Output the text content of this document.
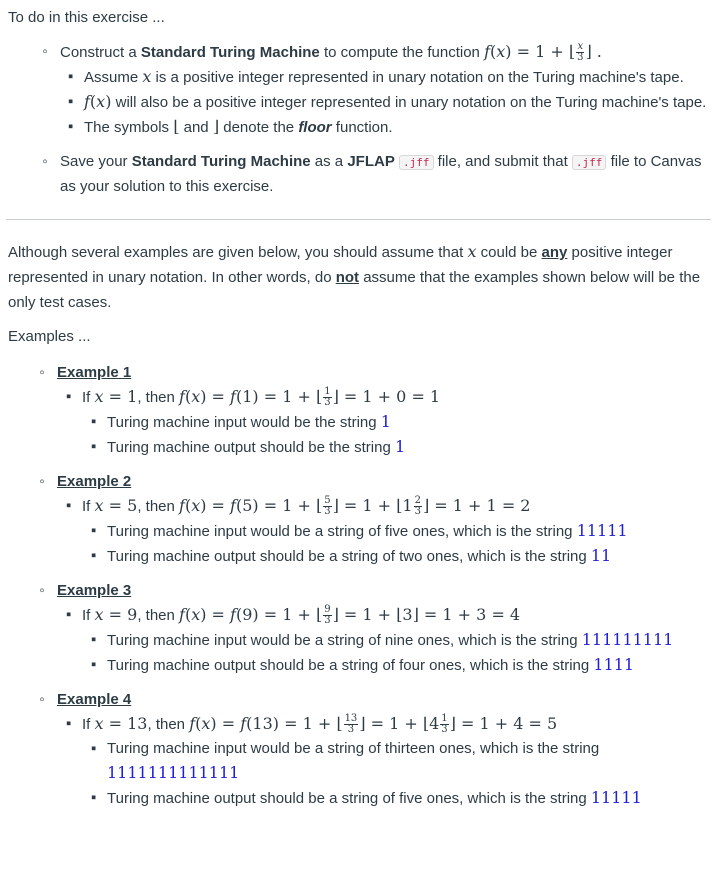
To do in this exercise ...

◦ Construct a Standard Turing Machine to compute the function f(x) = 1 + ⌊ $\frac{x}{3}$ ⌋ .
▪ Assume x is a positive integer represented in unary notation on the Turing machine's tape.
▪ f(x) will also be a positive integer represented in unary notation on the Turing machine's tape.
▪ The symbols ⌊ and ⌋ denote the floor function.
◦ Save your Standard Turing Machine as a JFLAP .jff file, and submit that .jff file to Canvas as your solution to this exercise.

Although several examples are given below, you should assume that x could be any positive integer represented in unary notation. In other words, do not assume that the examples shown below will be the only test cases.

Examples ...

◦ Example 1
▪ If x = 1, then f(x) = f(1) = 1 + ⌊ $\frac{1}{3}$ ⌋ = 1 + 0 = 1
▪ Turing machine input would be the string 1
▪ Turing machine output should be the string 1
◦ Example 2
▪ If x = 5, then f(x) = f(5) = 1 + ⌊ $\frac{5}{3}$ ⌋ = 1 + ⌊1 $\frac{2}{3}$ ⌋ = 1 + 1 = 2
▪ Turing machine input would be a string of five ones, which is the string 11111
▪ Turing machine output should be a string of two ones, which is the string 11
◦ Example 3
▪ If x = 9, then f(x) = f(9) = 1 + ⌊ $\frac{9}{3}$ ⌋ = 1 + ⌊3⌋ = 1 + 3 = 4
▪ Turing machine input would be a string of nine ones, which is the string 111111111
▪ Turing machine output should be a string of four ones, which is the string 1111
◦ Example 4
▪ If x = 13, then f(x) = f(13) = 1 + ⌊ $\frac{13}{3}$ ⌋ = 1 + ⌊4 $\frac{1}{3}$ ⌋ = 1 + 4 = 5
▪ Turing machine input would be a string of thirteen ones, which is the string 1111111111111
▪ Turing machine output should be a string of five ones, which is the string 11111
